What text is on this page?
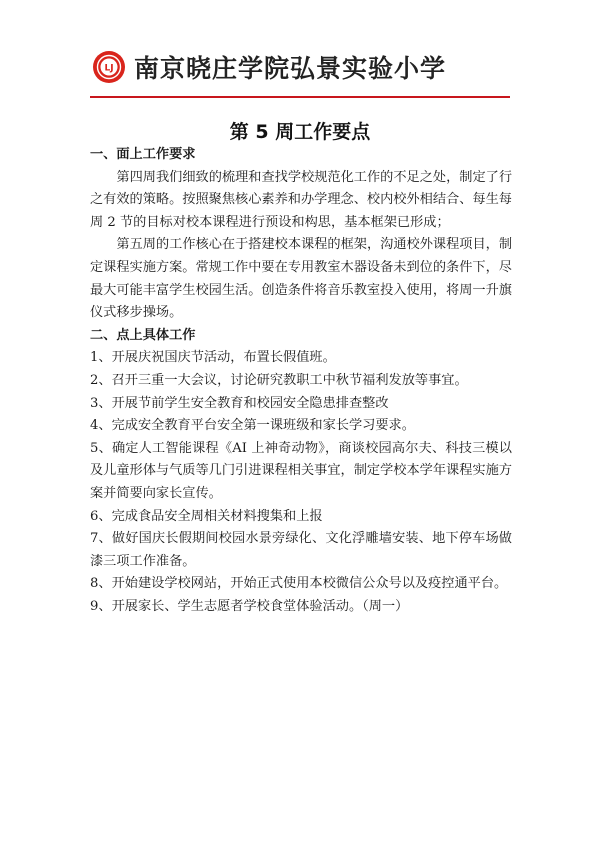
LJ 南京晓庄学院弘景实验小学
第 5 周工作要点

一、面上工作要求

第四周我们细致的梳理和查找学校规范化工作的不足之处，制定了行之有效的策略。按照聚焦核心素养和办学理念、校内校外相结合、每生每周 2 节的目标对校本课程进行预设和构思，基本框架已形成；

第五周的工作核心在于搭建校本课程的框架，沟通校外课程项目，制定课程实施方案。常规工作中要在专用教室木器设备未到位的条件下，尽最大可能丰富学生校园生活。创造条件将音乐教室投入使用，将周一升旗仪式移步操场。

二、点上具体工作

1、开展庆祝国庆节活动，布置长假值班。

2、召开三重一大会议，讨论研究教职工中秋节福利发放等事宜。

3、开展节前学生安全教育和校园安全隐患排查整改

4、完成安全教育平台安全第一课班级和家长学习要求。

5、确定人工智能课程《AI 上神奇动物》，商谈校园高尔夫、科技三模以及儿童形体与气质等几门引进课程相关事宜，制定学校本学年课程实施方案并简要向家长宣传。

6、完成食品安全周相关材料搜集和上报

7、做好国庆长假期间校园水景旁绿化、文化浮雕墙安装、地下停车场做漆三项工作准备。

8、开始建设学校网站，开始正式使用本校微信公众号以及疫控通平台。

9、开展家长、学生志愿者学校食堂体验活动。（周一）
